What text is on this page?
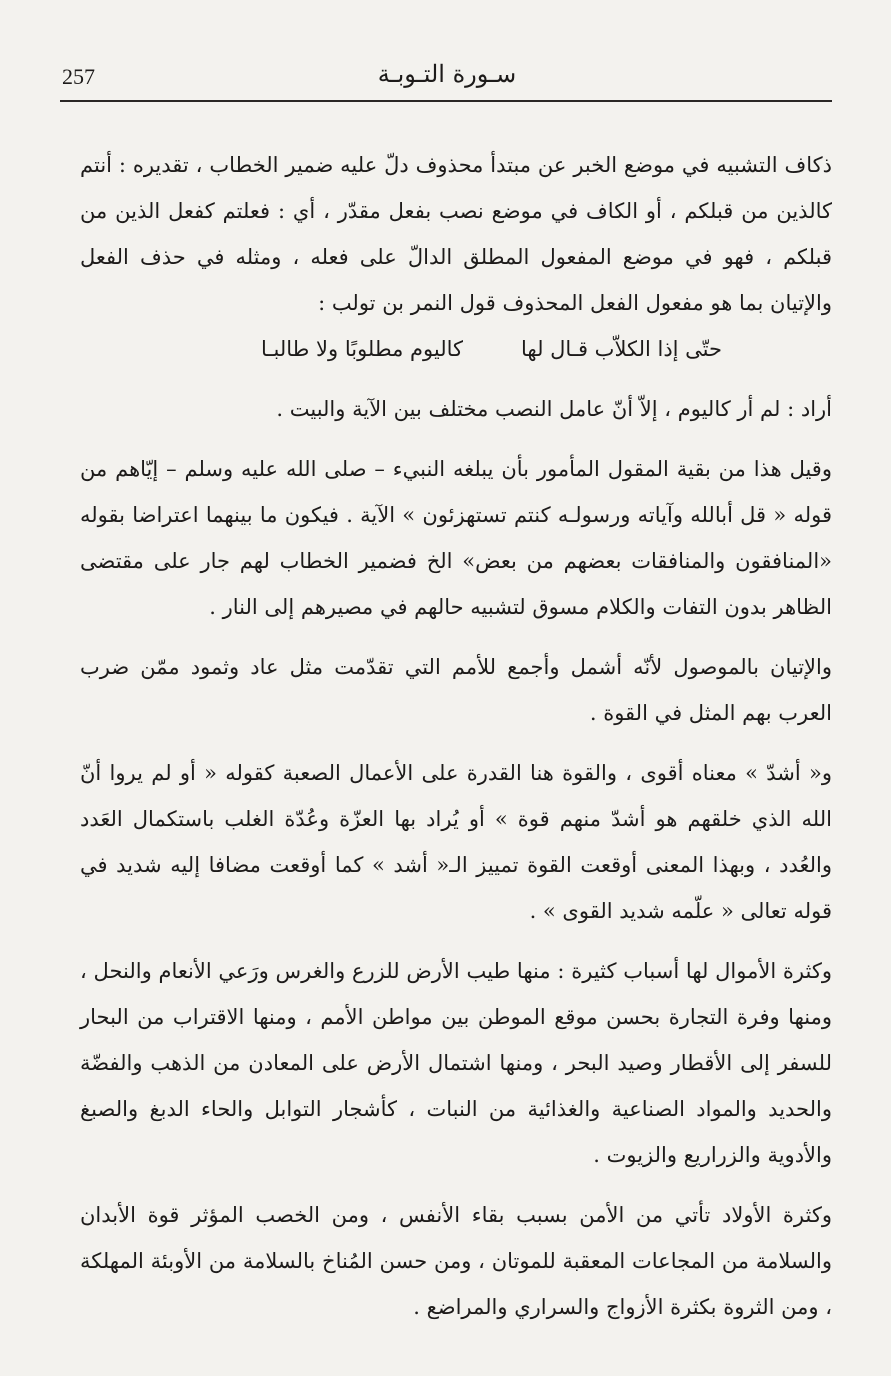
257	سـورة التـوبـة

ذكاف التشبيه في موضع الخبر عن مبتدأ محذوف دلّ عليه ضمير الخطاب ، تقديره : أنتم كالذين من قبلكم ، أو الكاف في موضع نصب بفعل مقدّر ، أي : فعلتم كفعل الذين من قبلكم ، فهو في موضع المفعول المطلق الدالّ على فعله ، ومثله في حذف الفعل والإتيان بما هو مفعول الفعل المحذوف قول النمر بن تولب :

حتّى إذا الكلاّب قـال لها
كاليوم مطلوبًا ولا طالبـا

أراد : لم أر كاليوم ، إلاّ أنّ عامل النصب مختلف بين الآية والبيت .

وقيل هذا من بقية المقول المأمور بأن يبلغه النبيء – صلى الله عليه وسلم – إيّاهم من قوله « قل أبالله وآياته ورسولـه كنتم تستهزئون » الآية . فيكون ما بينهما اعتراضا بقوله «المنافقون والمنافقات بعضهم من بعض» الخ فضمير الخطاب لهم جار على مقتضى الظاهر بدون التفات والكلام مسوق لتشبيه حالهم في مصيرهم إلى النار .

والإتيان بالموصول لأنّه أشمل وأجمع للأمم التي تقدّمت مثل عاد وثمود ممّن ضرب العرب بهم المثل في القوة .

و« أشدّ » معناه أقوى ، والقوة هنا القدرة على الأعمال الصعبة كقوله « أو لم يروا أنّ الله الذي خلقهم هو أشدّ منهم قوة » أو يُراد بها العزّة وعُدّة الغلب باستكمال العَدد والعُدد ، وبهذا المعنى أوقعت القوة تمييز الـ« أشد » كما أوقعت مضافا إليه شديد في قوله تعالى « علّمه شديد القوى » .

وكثرة الأموال لها أسباب كثيرة : منها طيب الأرض للزرع والغرس ورَعي الأنعام والنحل ، ومنها وفرة التجارة بحسن موقع الموطن بين مواطن الأمم ، ومنها الاقتراب من البحار للسفر إلى الأقطار وصيد البحر ، ومنها اشتمال الأرض على المعادن من الذهب والفضّة والحديد والمواد الصناعية والغذائية من النبات ، كأشجار التوابل والحاء الدبغ والصبغ والأدوية والزراريع والزيوت .

وكثرة الأولاد تأتي من الأمن بسبب بقاء الأنفس ، ومن الخصب المؤثر قوة الأبدان والسلامة من المجاعات المعقبة للموتان ، ومن حسن المُناخ بالسلامة من الأوبئة المهلكة ، ومن الثروة بكثرة الأزواج والسراري والمراضع .
